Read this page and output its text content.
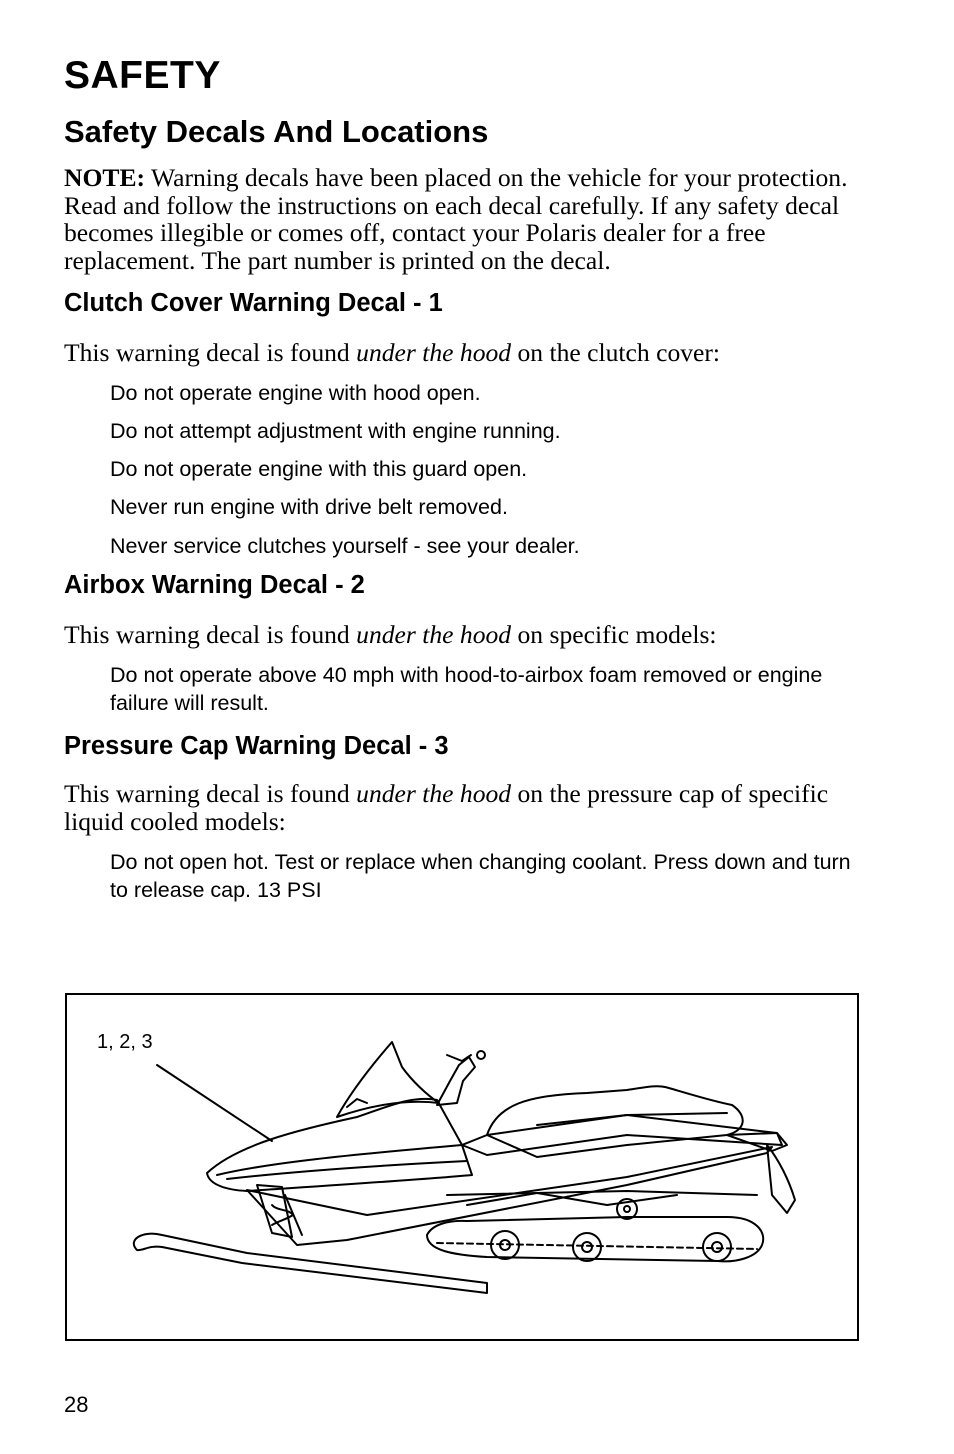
SAFETY
Safety Decals And Locations

NOTE: Warning decals have been placed on the vehicle for your protection. Read and follow the instructions on each decal carefully. If any safety decal becomes illegible or comes off, contact your Polaris dealer for a free replacement. The part number is printed on the decal.

Clutch Cover Warning Decal - 1

This warning decal is found under the hood on the clutch cover:

Do not operate engine with hood open.
Do not attempt adjustment with engine running.
Do not operate engine with this guard open.
Never run engine with drive belt removed.
Never service clutches yourself - see your dealer.
Airbox Warning Decal - 2

This warning decal is found under the hood on specific models:

Do not operate above 40 mph with hood-to-airbox foam removed or engine failure will result.
Pressure Cap Warning Decal - 3

This warning decal is found under the hood on the pressure cap of specific liquid cooled models:

Do not open hot. Test or replace when changing coolant. Press down and turn to release cap. 13 PSI
1, 2, 3
28
